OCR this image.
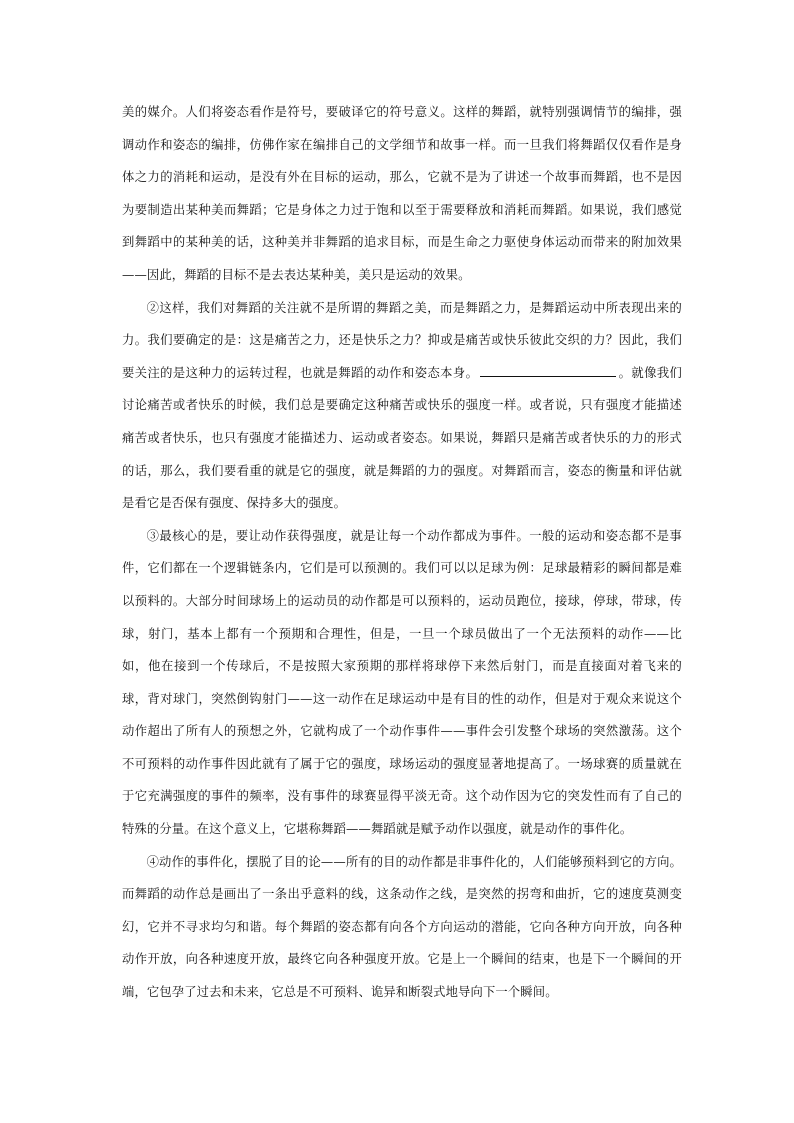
美的媒介。人们将姿态看作是符号，要破译它的符号意义。这样的舞蹈，就特别强调情节的编排，强调动作和姿态的编排，仿佛作家在编排自己的文学细节和故事一样。而一旦我们将舞蹈仅仅看作是身体之力的消耗和运动，是没有外在目标的运动，那么，它就不是为了讲述一个故事而舞蹈，也不是因为要制造出某种美而舞蹈；它是身体之力过于饱和以至于需要释放和消耗而舞蹈。如果说，我们感觉到舞蹈中的某种美的话，这种美并非舞蹈的追求目标，而是生命之力驱使身体运动而带来的附加效果——因此，舞蹈的目标不是去表达某种美，美只是运动的效果。

②这样，我们对舞蹈的关注就不是所谓的舞蹈之美，而是舞蹈之力，是舞蹈运动中所表现出来的力。我们要确定的是：这是痛苦之力，还是快乐之力？抑或是痛苦或快乐彼此交织的力？因此，我们要关注的是这种力的运转过程，也就是舞蹈的动作和姿态本身。	。就像我们讨论痛苦或者快乐的时候，我们总是要确定这种痛苦或快乐的强度一样。或者说，只有强度才能描述痛苦或者快乐，也只有强度才能描述力、运动或者姿态。如果说，舞蹈只是痛苦或者快乐的力的形式的话，那么，我们要看重的就是它的强度，就是舞蹈的力的强度。对舞蹈而言，姿态的衡量和评估就是看它是否保有强度、保持多大的强度。

③最核心的是，要让动作获得强度，就是让每一个动作都成为事件。一般的运动和姿态都不是事件，它们都在一个逻辑链条内，它们是可以预测的。我们可以以足球为例：足球最精彩的瞬间都是难以预料的。大部分时间球场上的运动员的动作都是可以预料的，运动员跑位，接球，停球，带球，传球，射门，基本上都有一个预期和合理性，但是，一旦一个球员做出了一个无法预料的动作——比如，他在接到一个传球后，不是按照大家预期的那样将球停下来然后射门，而是直接面对着飞来的球，背对球门，突然倒钩射门——这一动作在足球运动中是有目的性的动作，但是对于观众来说这个动作超出了所有人的预想之外，它就构成了一个动作事件——事件会引发整个球场的突然激荡。这个不可预料的动作事件因此就有了属于它的强度，球场运动的强度显著地提高了。一场球赛的质量就在于它充满强度的事件的频率，没有事件的球赛显得平淡无奇。这个动作因为它的突发性而有了自己的特殊的分量。在这个意义上，它堪称舞蹈——舞蹈就是赋予动作以强度，就是动作的事件化。

④动作的事件化，摆脱了目的论——所有的目的动作都是非事件化的，人们能够预料到它的方向。而舞蹈的动作总是画出了一条出乎意料的线，这条动作之线，是突然的拐弯和曲折，它的速度莫测变幻，它并不寻求均匀和谐。每个舞蹈的姿态都有向各个方向运动的潜能，它向各种方向开放，向各种动作开放，向各种速度开放，最终它向各种强度开放。它是上一个瞬间的结束，也是下一个瞬间的开端，它包孕了过去和未来，它总是不可预料、诡异和断裂式地导向下一个瞬间。
